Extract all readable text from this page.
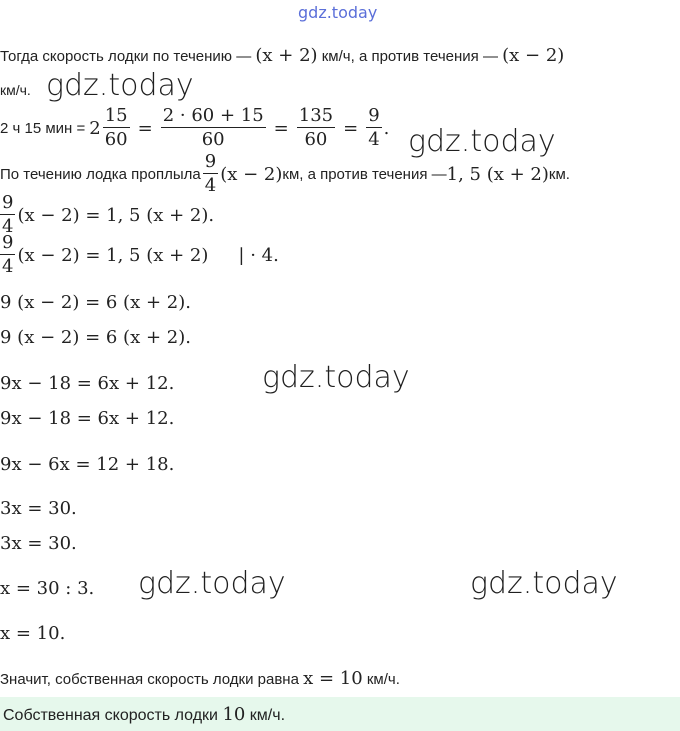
gdz.today
Тогда скорость лодки по течению — (x + 2) км/ч, а против течения — (x − 2)
км/ч. gdz.today
2 ч 15 мин = $2 \frac{15}{60} = \frac{2 \cdot 60 + 15}{60} = \frac{135}{60} = \frac{9}{4}$ . gdz.today
По течению лодка проплыла $\frac{9}{4} (x - 2)$ км, а против течения — 1, 5 (x + 2) км.
$\frac{9}{4} (x - 2) = 1$, 5 (x + 2).
$\frac{9}{4} (x - 2) = 1$, 5 (x + 2) | · 4.
9 (x − 2) = 6 (x + 2).
9 (x − 2) = 6 (x + 2).
9x − 18 = 6x + 12.	gdz.today
9x − 18 = 6x + 12.
9x − 6x = 12 + 18.
3x = 30.
3x = 30.
x = 30 : 3. gdz.today	gdz.today
x = 10.
Значит, собственная скорость лодки равна x = 10 км/ч.
Собственная скорость лодки 10 км/ч.
